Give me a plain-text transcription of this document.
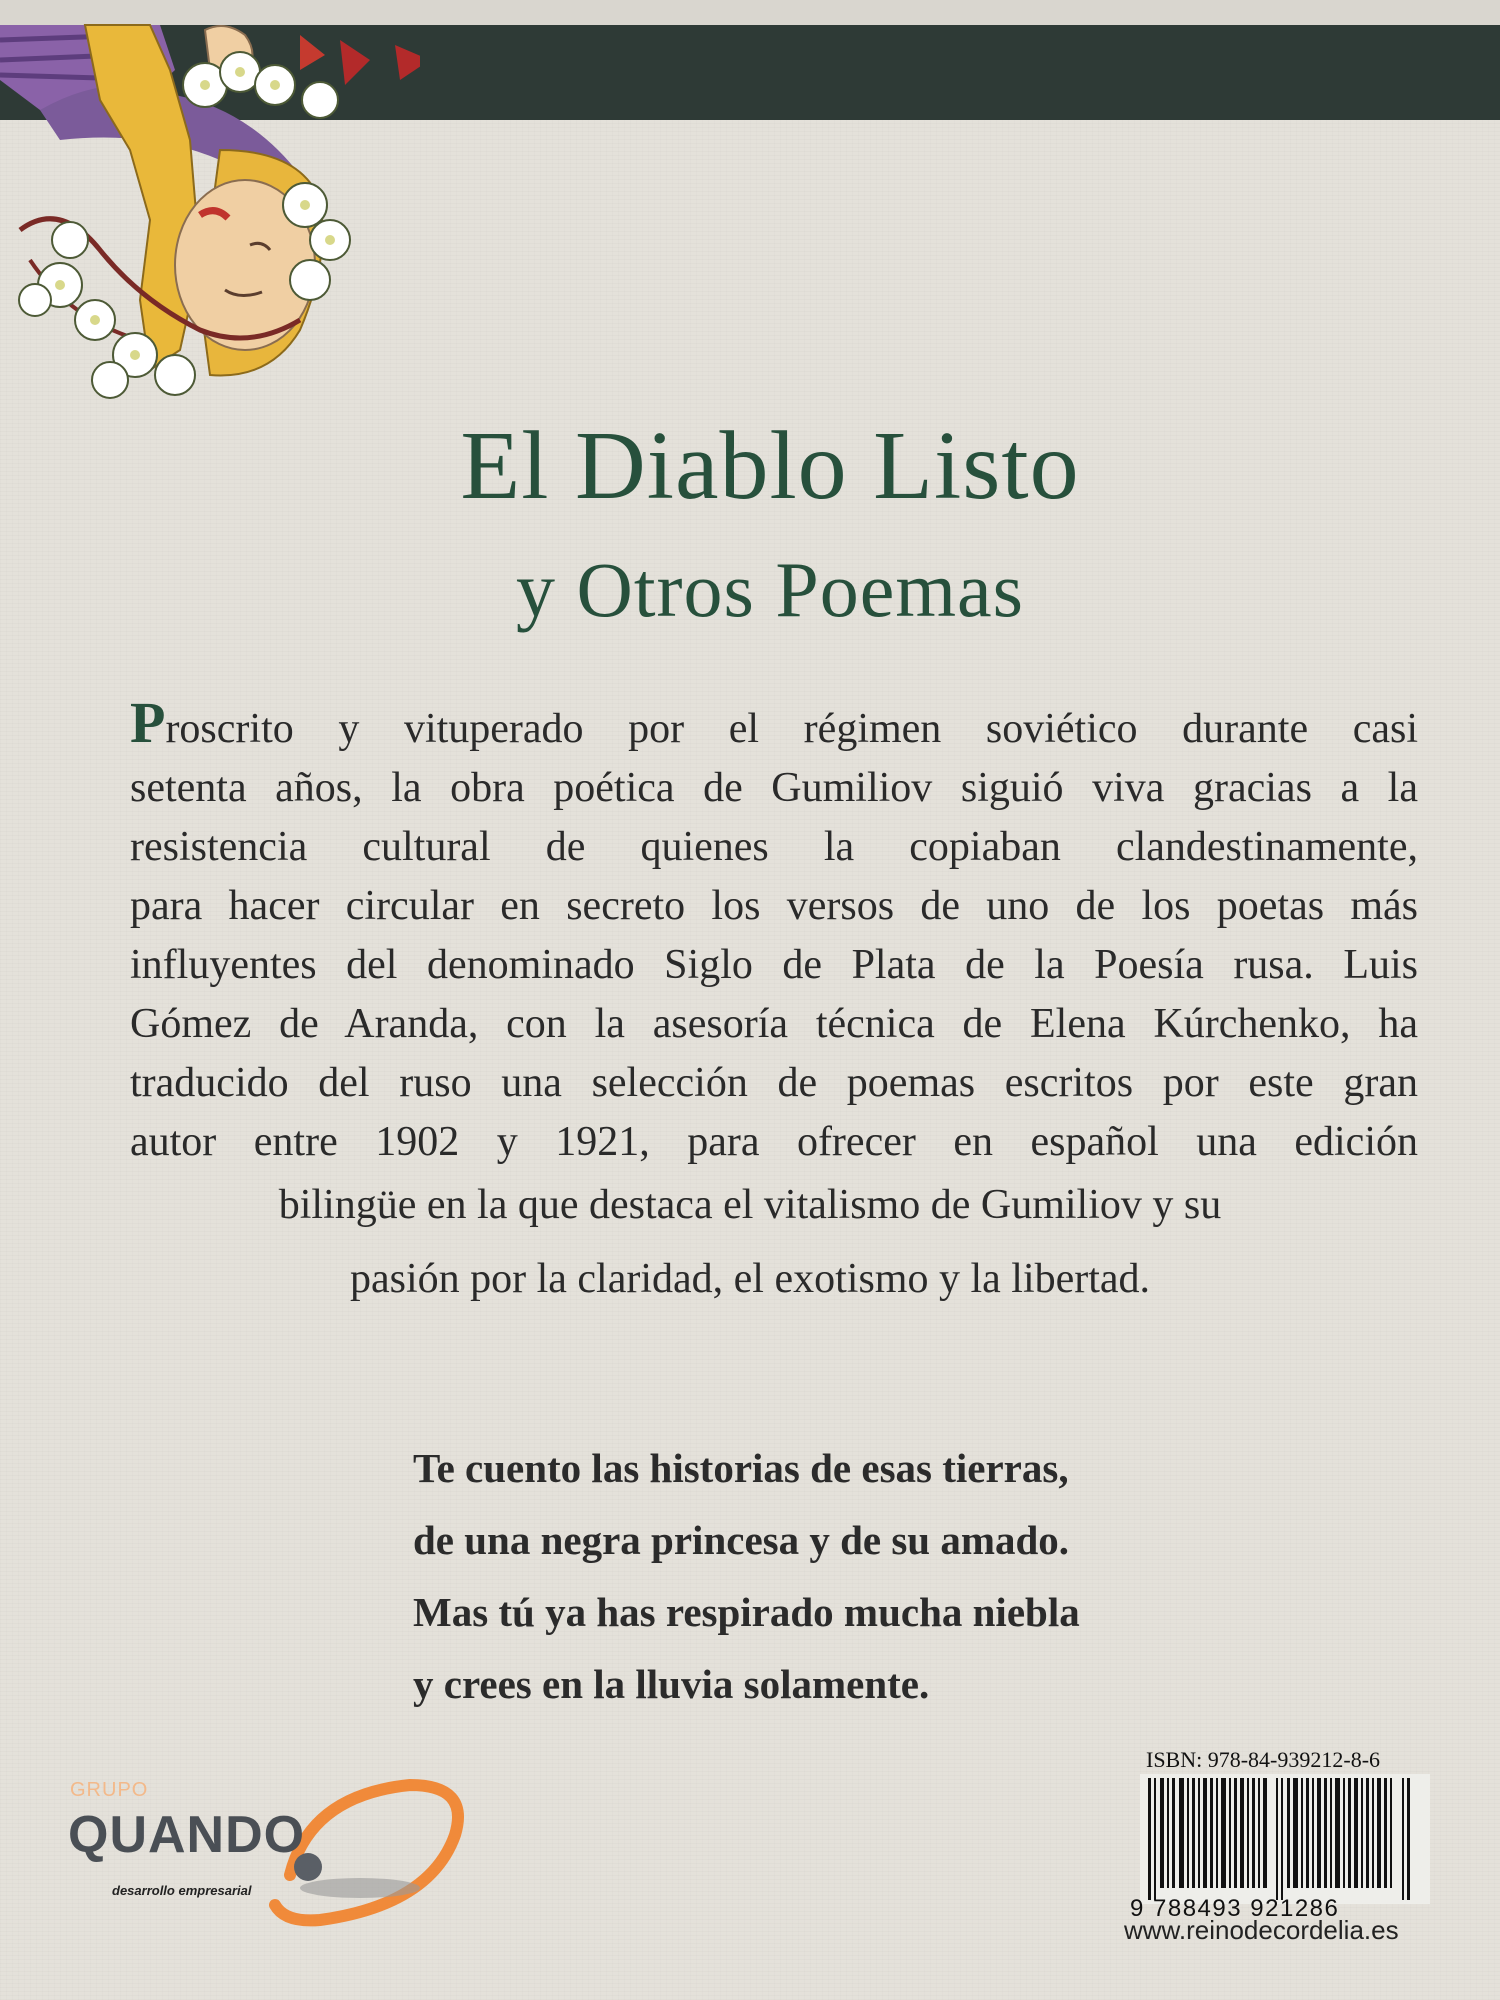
El Diablo Listo
y Otros Poemas
Proscrito y vituperado por el régimen soviético durante casi
setenta años, la obra poética de Gumiliov siguió viva gracias a la
resistencia cultural de quienes la copiaban clandestinamente,
para hacer circular en secreto los versos de uno de los poetas más
influyentes del denominado Siglo de Plata de la Poesía rusa. Luis
Gómez de Aranda, con la asesoría técnica de Elena Kúrchenko, ha
traducido del ruso una selección de poemas escritos por este gran
autor entre 1902 y 1921, para ofrecer en español una edición

bilingüe en la que destaca el vitalismo de Gumiliov y su

pasión por la claridad, el exotismo y la libertad.

Te cuento las historias de esas tierras,
de una negra princesa y de su amado.
Mas tú ya has respirado mucha niebla
y crees en la lluvia solamente.
GRUPO
QUANDO
desarrollo empresarial
ISBN: 978-84-939212-8-6
9 788493 921286
www.reinodecordelia.es
